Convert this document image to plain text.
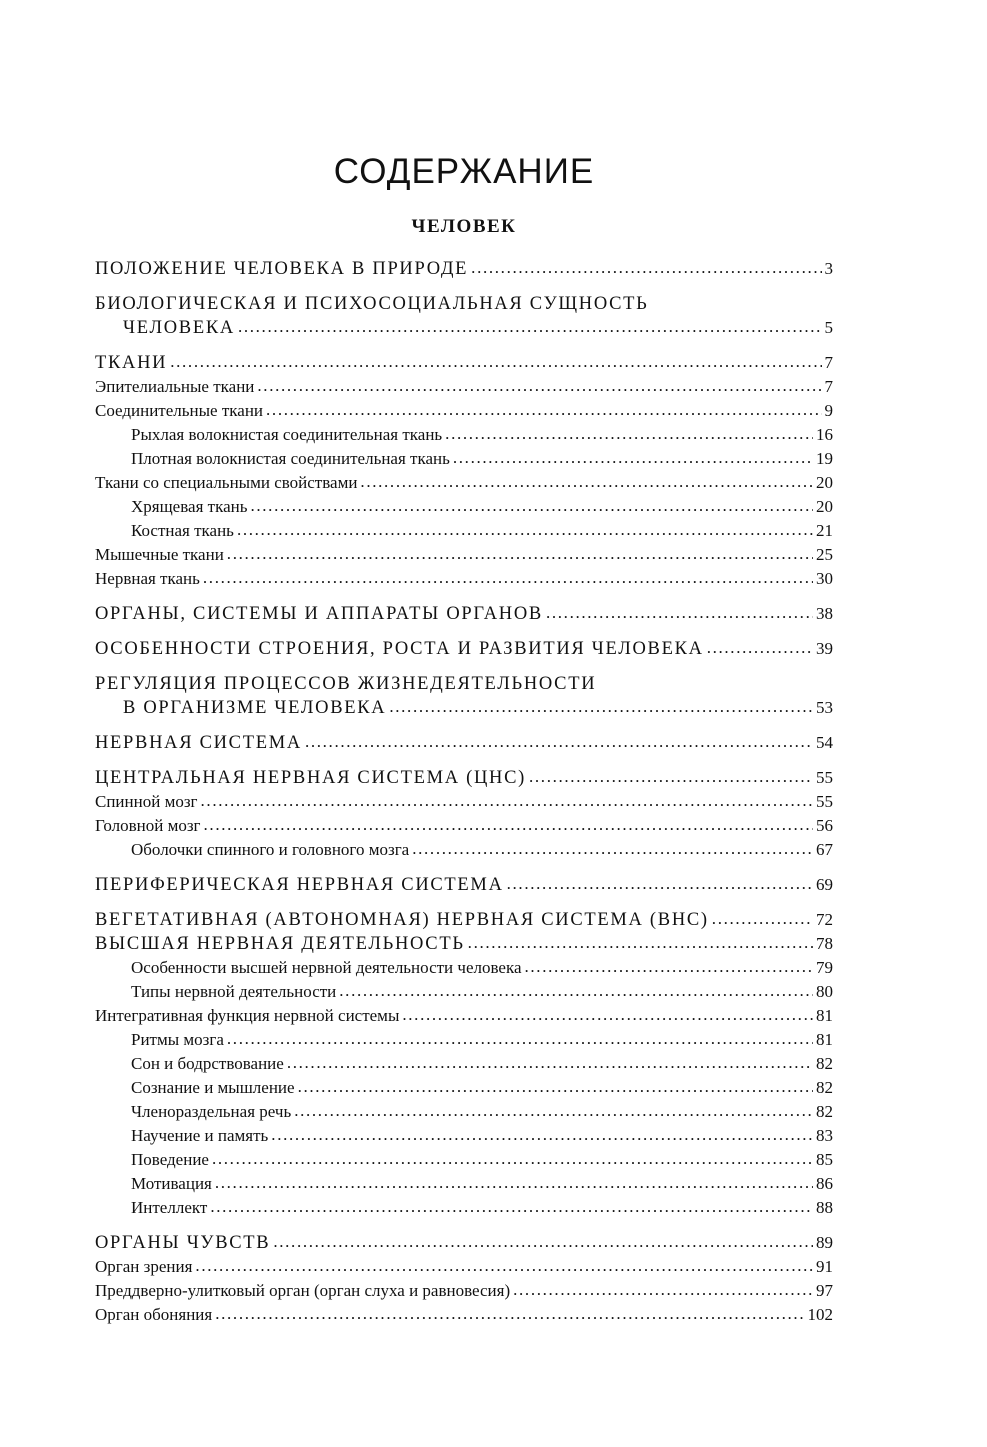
СОДЕРЖАНИЕ
ЧЕЛОВЕК
ПОЛОЖЕНИЕ ЧЕЛОВЕКА В ПРИРОДЕ . . .	3
БИОЛОГИЧЕСКАЯ И ПСИХОСОЦИАЛЬНАЯ СУЩНОСТЬ
ЧЕЛОВЕКА . . .	5
ТКАНИ . . .	7
Эпителиальные ткани . . .	7
Соединительные ткани . . .	9
Рыхлая волокнистая соединительная ткань . . .	16
Плотная волокнистая соединительная ткань . . .	19
Ткани со специальными свойствами . . .	20
Хрящевая ткань . . .	20
Костная ткань . . .	21
Мышечные ткани . . .	25
Нервная ткань . . .	30
ОРГАНЫ, СИСТЕМЫ И АППАРАТЫ ОРГАНОВ . . .	38
ОСОБЕННОСТИ СТРОЕНИЯ, РОСТА И РАЗВИТИЯ ЧЕЛОВЕКА . . .	39
РЕГУЛЯЦИЯ ПРОЦЕССОВ ЖИЗНЕДЕЯТЕЛЬНОСТИ
В ОРГАНИЗМЕ ЧЕЛОВЕКА . . .	53
НЕРВНАЯ СИСТЕМА . . .	54
ЦЕНТРАЛЬНАЯ НЕРВНАЯ СИСТЕМА (ЦНС) . . .	55
Спинной мозг . . .	55
Головной мозг . . .	56
Оболочки спинного и головного мозга . . .	67
ПЕРИФЕРИЧЕСКАЯ НЕРВНАЯ СИСТЕМА . . .	69
ВЕГЕТАТИВНАЯ (АВТОНОМНАЯ) НЕРВНАЯ СИСТЕМА (ВНС) . . .	72
ВЫСШАЯ НЕРВНАЯ ДЕЯТЕЛЬНОСТЬ . . .	78
Особенности высшей нервной деятельности человека . . .	79
Типы нервной деятельности . . .	80
Интегративная функция нервной системы . . .	81
Ритмы мозга . . .	81
Сон и бодрствование . . .	82
Сознание и мышление . . .	82
Членораздельная речь . . .	82
Научение и память . . .	83
Поведение . . .	85
Мотивация . . .	86
Интеллект . . .	88
ОРГАНЫ ЧУВСТВ . . .	89
Орган зрения . . .	91
Преддверно-улитковый орган (орган слуха и равновесия) . . .	97
Орган обоняния . . .	102
